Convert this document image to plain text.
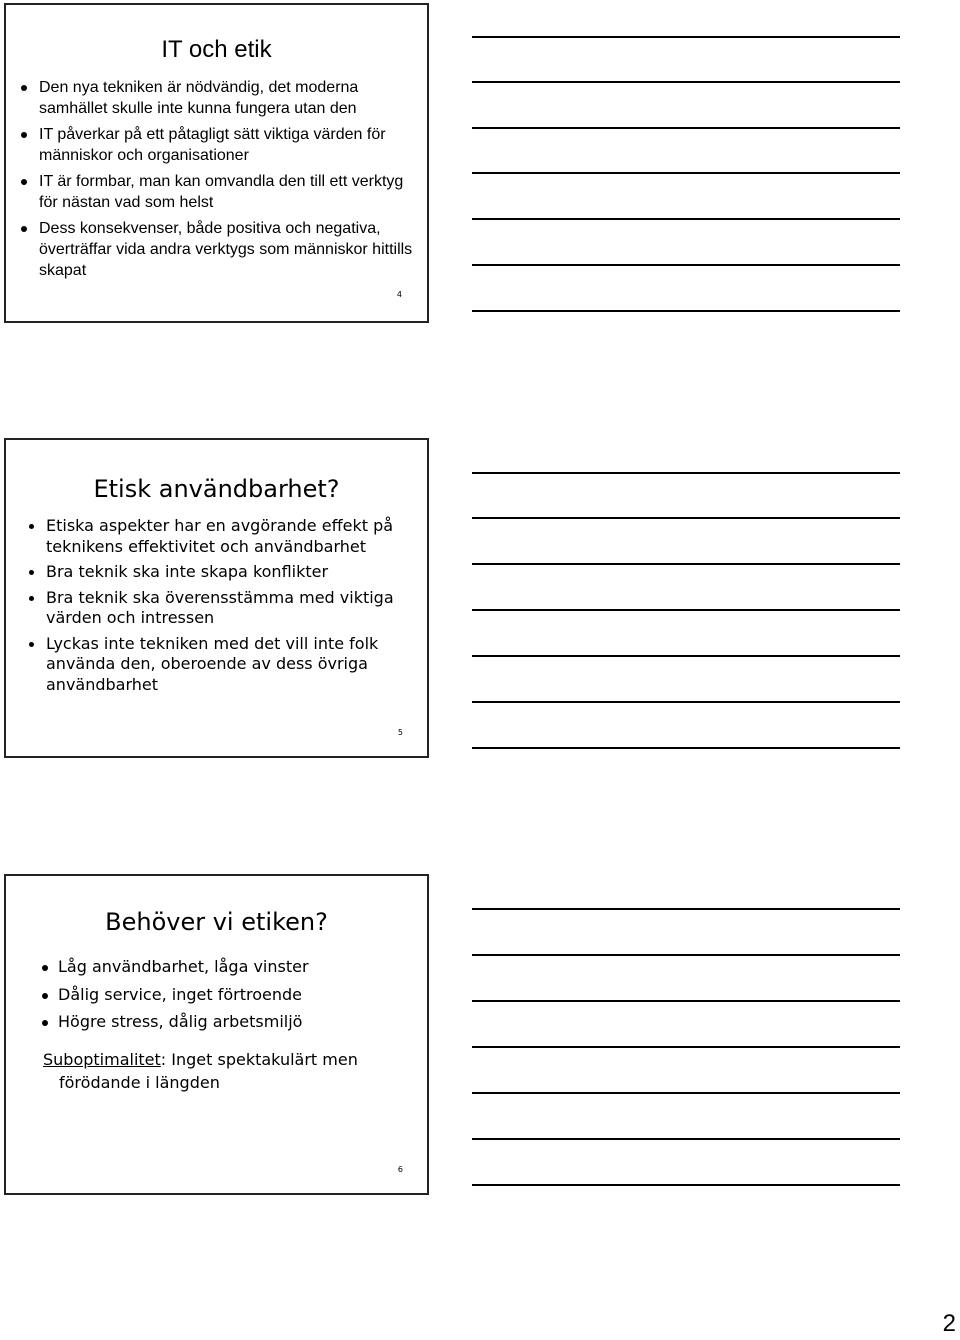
IT och etik
Den nya tekniken är nödvändig, det moderna samhället skulle inte kunna fungera utan den
IT påverkar på ett påtagligt sätt viktiga värden för människor och organisationer
IT är formbar, man kan omvandla den till ett verktyg för nästan vad som helst
Dess konsekvenser, både positiva och negativa, överträffar vida andra verktygs som människor hittills skapat
4
Etisk användbarhet?
Etiska aspekter har en avgörande effekt på teknikens effektivitet och användbarhet
Bra teknik ska inte skapa konflikter
Bra teknik ska överensstämma med viktiga värden och intressen
Lyckas inte tekniken med det vill inte folk använda den, oberoende av dess övriga användbarhet
5
Behöver vi etiken?
Låg användbarhet, låga vinster
Dålig service, inget förtroende
Högre stress, dålig arbetsmiljö
Suboptimalitet: Inget spektakulärt men
förödande i längden
6
2
